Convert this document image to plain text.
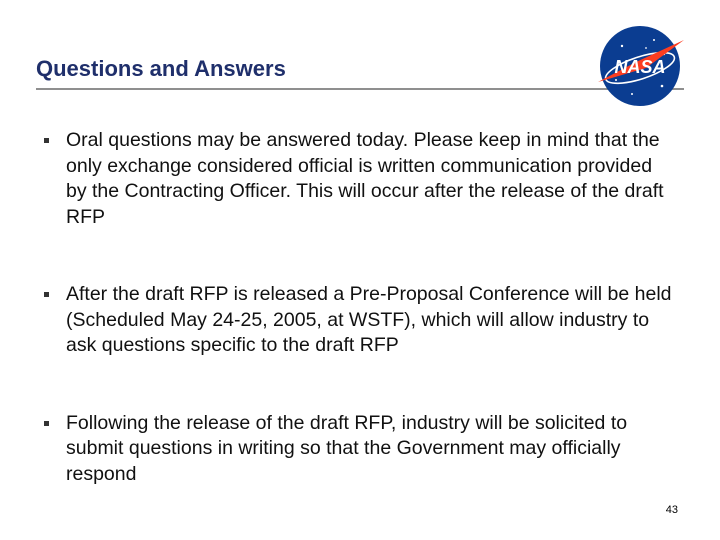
Questions and Answers	NASA
Oral questions may be answered today. Please keep in mind that the only exchange considered official is written communication provided by the Contracting Officer. This will occur after the release of the draft RFP
After the draft RFP is released a Pre-Proposal Conference will be held (Scheduled May 24-25, 2005, at WSTF), which will allow industry to ask questions specific to the draft RFP
Following the release of the draft RFP, industry will be solicited to submit questions in writing so that the Government may officially respond
43
